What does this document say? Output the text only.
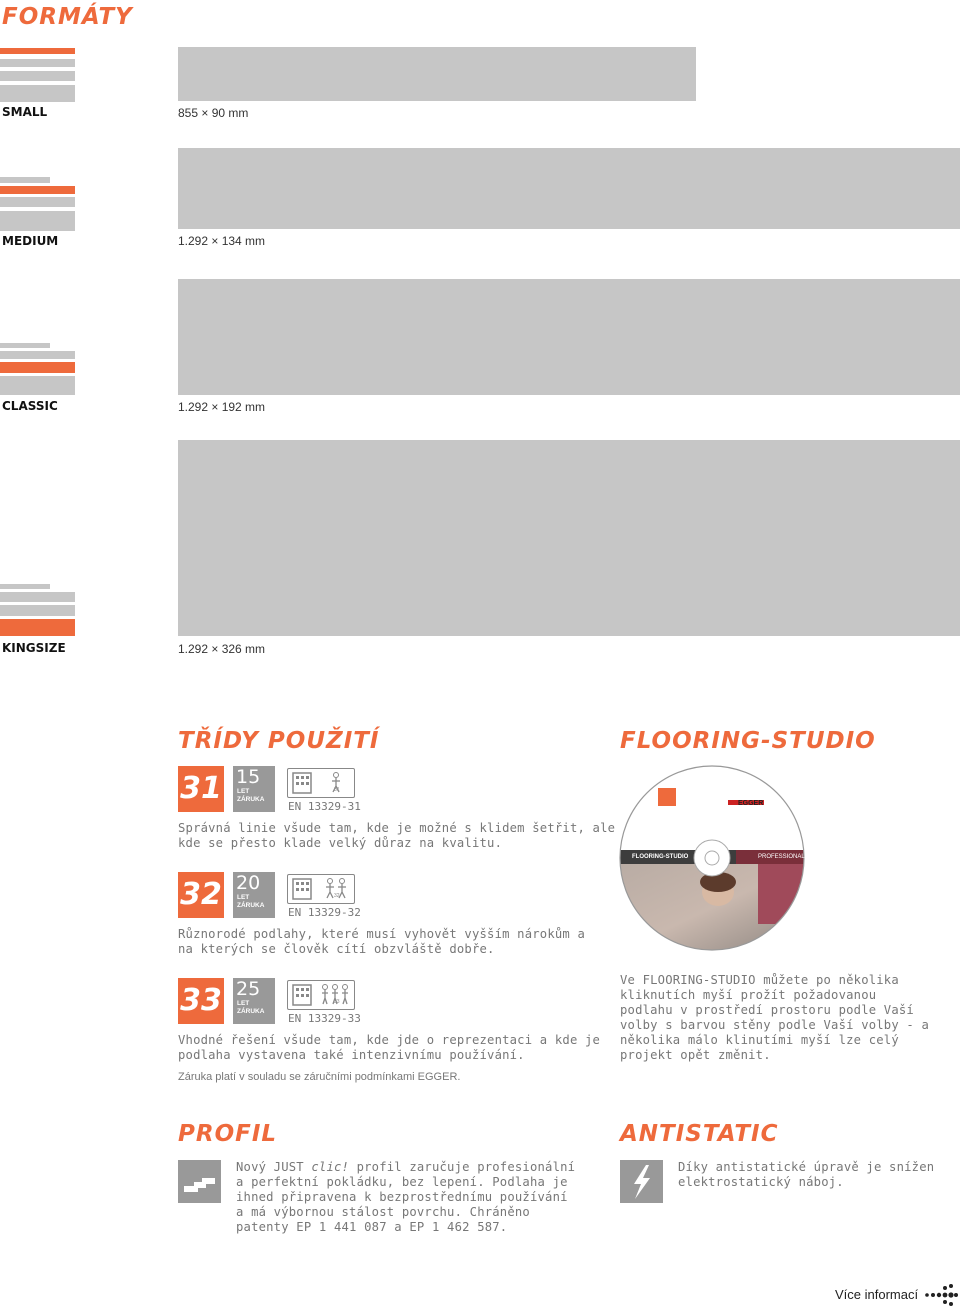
FORMÁTY
SMALL	855 × 90 mm
MEDIUM	1.292 × 134 mm
CLASSIC	1.292 × 192 mm
KINGSIZE	1.292 × 326 mm
TŘÍDY POUŽITÍ
31 15
LET
ZÁRUKA
31
EN 13329-31
Správná linie všude tam, kde je možné s klidem šetřit, ale
kde se přesto klade velký důraz na kvalitu.
32 20
LET
ZÁRUKA
32
EN 13329-32
Různorodé podlahy, které musí vyhovět vyšším nárokům a
na kterých se člověk cítí obzvláště dobře.
33 25
LET
ZÁRUKA
33
EN 13329-33
Vhodné řešení všude tam, kde jde o reprezentaci a kde je
podlaha vystavena také intenzivnímu používání.
Záruka platí v souladu se záručními podmínkami EGGER.
FLOORING-STUDIO
FLOORING-STUDIO	PROFESSIONAL
EGGER
Ve FLOORING-STUDIO můžete po několika
kliknutích myší prožít požadovanou
podlahu v prostředí prostoru podle Vaší
volby s barvou stěny podle Vaší volby - a
několika málo klinutími myší lze celý
projekt opět změnit.
PROFIL
Nový JUST clic! profil zaručuje profesionální
a perfektní pokládku, bez lepení. Podlaha je
ihned připravena k bezprostřednímu používání
a má výbornou stálost povrchu. Chráněno
patenty EP 1 441 087 a EP 1 462 587.
ANTISTATIC
Díky antistatické úpravě je snížen
elektrostatický náboj.
Více informací
